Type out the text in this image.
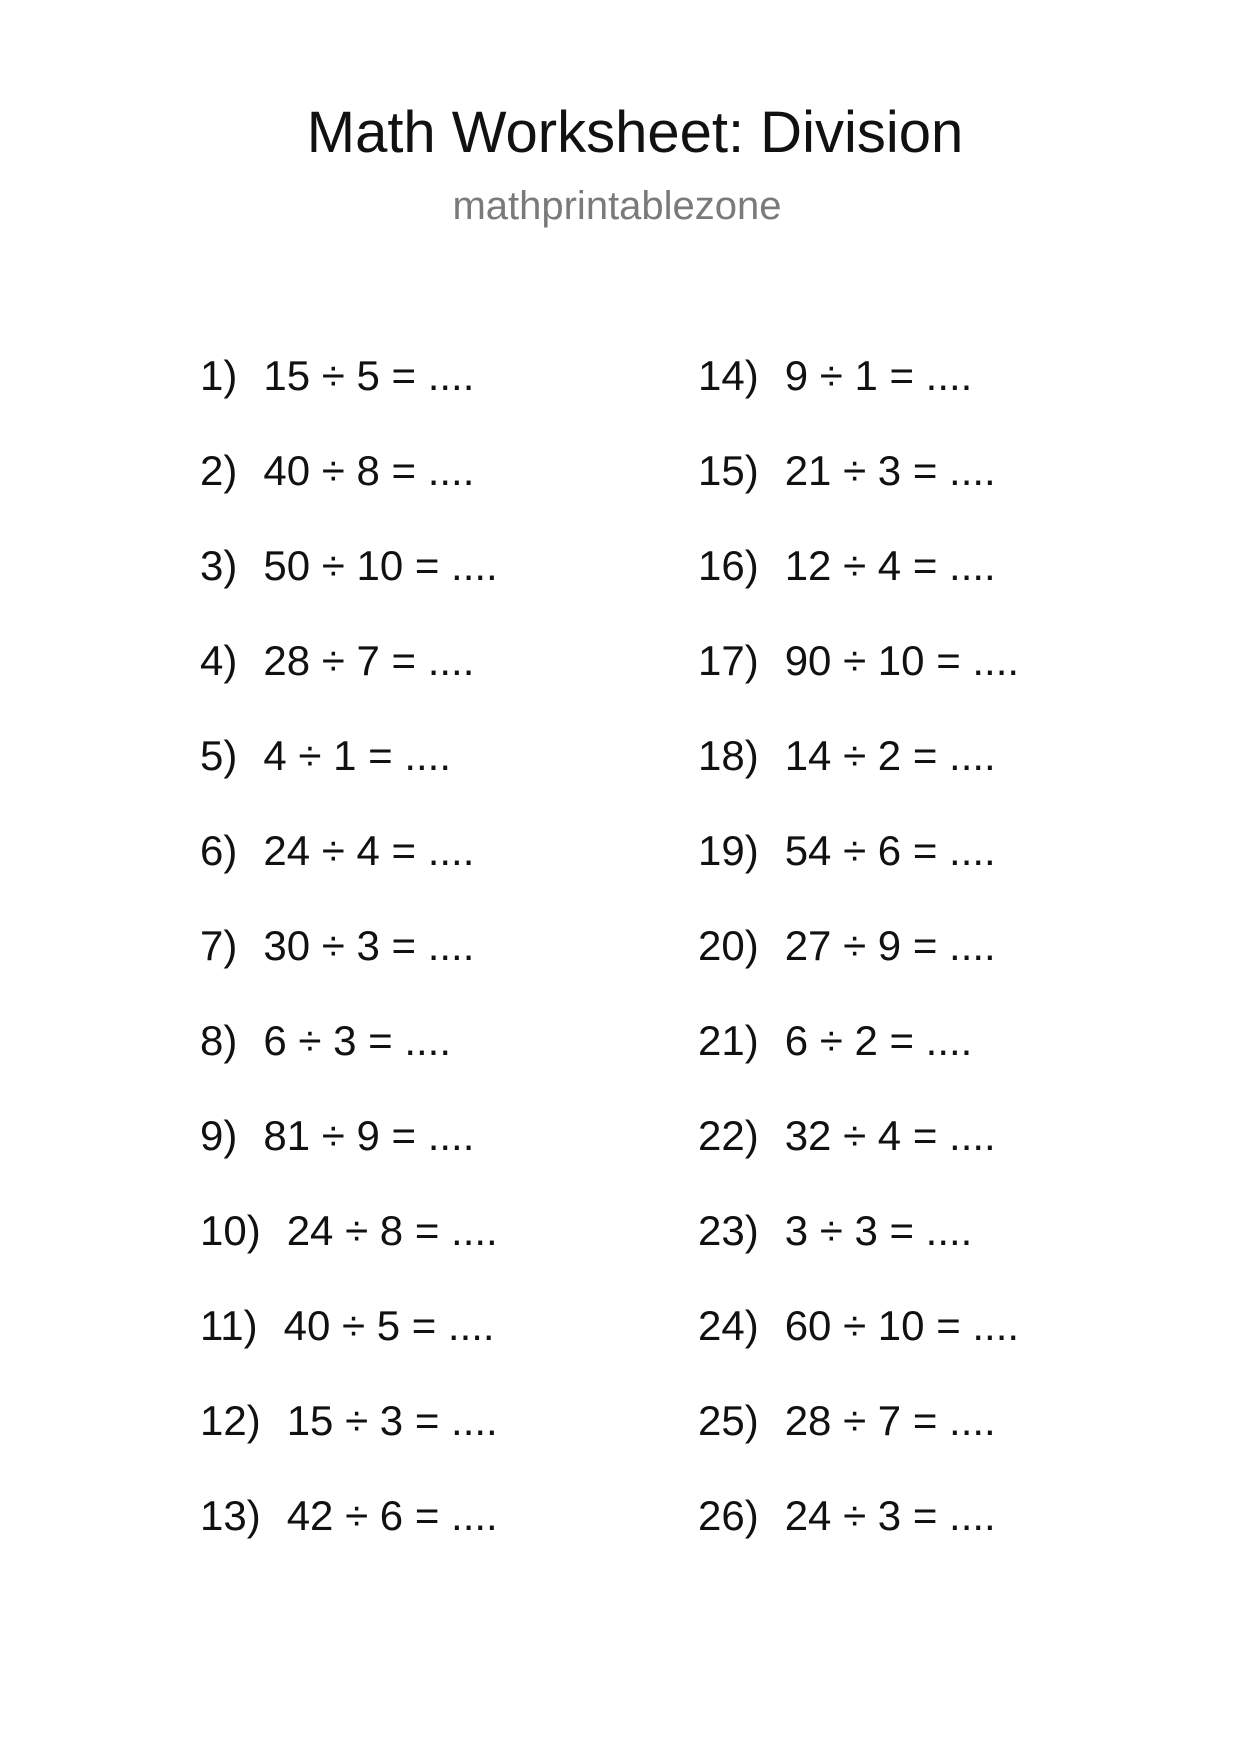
Math Worksheet: Division
mathprintablezone
1) 15 ÷ 5 = ....
2) 40 ÷ 8 = ....
3) 50 ÷ 10 = ....
4) 28 ÷ 7 = ....
5) 4 ÷ 1 = ....
6) 24 ÷ 4 = ....
7) 30 ÷ 3 = ....
8) 6 ÷ 3 = ....
9) 81 ÷ 9 = ....
10) 24 ÷ 8 = ....
11) 40 ÷ 5 = ....
12) 15 ÷ 3 = ....
13) 42 ÷ 6 = ....
14) 9 ÷ 1 = ....
15) 21 ÷ 3 = ....
16) 12 ÷ 4 = ....
17) 90 ÷ 10 = ....
18) 14 ÷ 2 = ....
19) 54 ÷ 6 = ....
20) 27 ÷ 9 = ....
21) 6 ÷ 2 = ....
22) 32 ÷ 4 = ....
23) 3 ÷ 3 = ....
24) 60 ÷ 10 = ....
25) 28 ÷ 7 = ....
26) 24 ÷ 3 = ....
